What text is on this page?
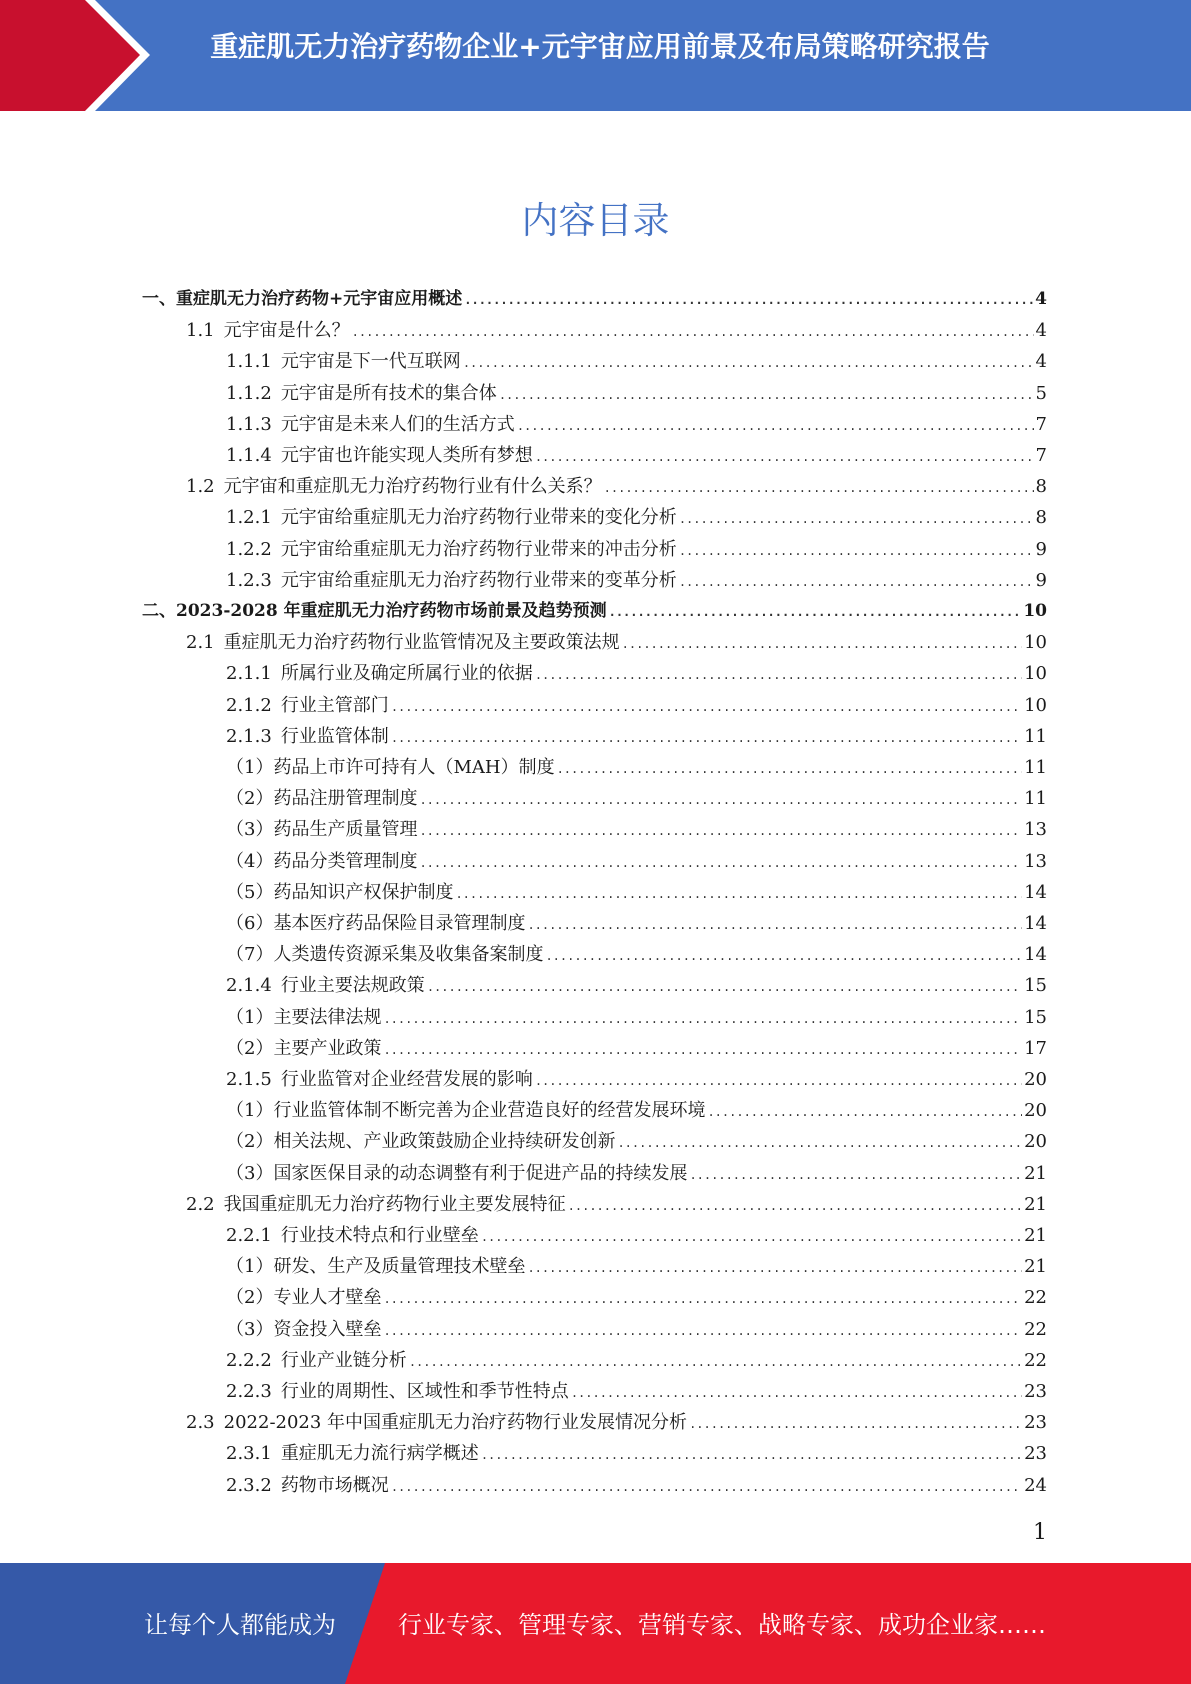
重症肌无力治疗药物企业+元宇宙应用前景及布局策略研究报告
内容目录
一、 重症肌无力治疗药物+元宇宙应用概述 .....	4
1.1 元宇宙是什么？ .....	4
1.1.1 元宇宙是下一代互联网 .....	4
1.1.2 元宇宙是所有技术的集合体 .....	5
1.1.3 元宇宙是未来人们的生活方式 .....	7
1.1.4 元宇宙也许能实现人类所有梦想 .....	7
1.2 元宇宙和重症肌无力治疗药物行业有什么关系？ .....	8
1.2.1 元宇宙给重症肌无力治疗药物行业带来的变化分析 .....	8
1.2.2 元宇宙给重症肌无力治疗药物行业带来的冲击分析 .....	9
1.2.3 元宇宙给重症肌无力治疗药物行业带来的变革分析 .....	9
二、 2023-2028 年重症肌无力治疗药物市场前景及趋势预测 .....	10
2.1 重症肌无力治疗药物行业监管情况及主要政策法规 .....	10
2.1.1 所属行业及确定所属行业的依据 .....	10
2.1.2 行业主管部门 .....	10
2.1.3 行业监管体制 .....	11
（1）药品上市许可持有人（MAH）制度 .....	11
（2）药品注册管理制度 .....	11
（3）药品生产质量管理 .....	13
（4）药品分类管理制度 .....	13
（5）药品知识产权保护制度 .....	14
（6）基本医疗药品保险目录管理制度 .....	14
（7）人类遗传资源采集及收集备案制度 .....	14
2.1.4 行业主要法规政策 .....	15
（1）主要法律法规 .....	15
（2）主要产业政策 .....	17
2.1.5 行业监管对企业经营发展的影响 .....	20
（1）行业监管体制不断完善为企业营造良好的经营发展环境 .....	20
（2）相关法规、产业政策鼓励企业持续研发创新 .....	20
（3）国家医保目录的动态调整有利于促进产品的持续发展 .....	21
2.2 我国重症肌无力治疗药物行业主要发展特征 .....	21
2.2.1 行业技术特点和行业壁垒 .....	21
（1）研发、生产及质量管理技术壁垒 .....	21
（2）专业人才壁垒 .....	22
（3）资金投入壁垒 .....	22
2.2.2 行业产业链分析 .....	22
2.2.3 行业的周期性、区域性和季节性特点 .....	23
2.3 2022-2023 年中国重症肌无力治疗药物行业发展情况分析 .....	23
2.3.1 重症肌无力流行病学概述 .....	23
2.3.2 药物市场概况 .....	24
1
让每个人都能成为	行业专家、管理专家、营销专家、战略专家、成功企业家……
